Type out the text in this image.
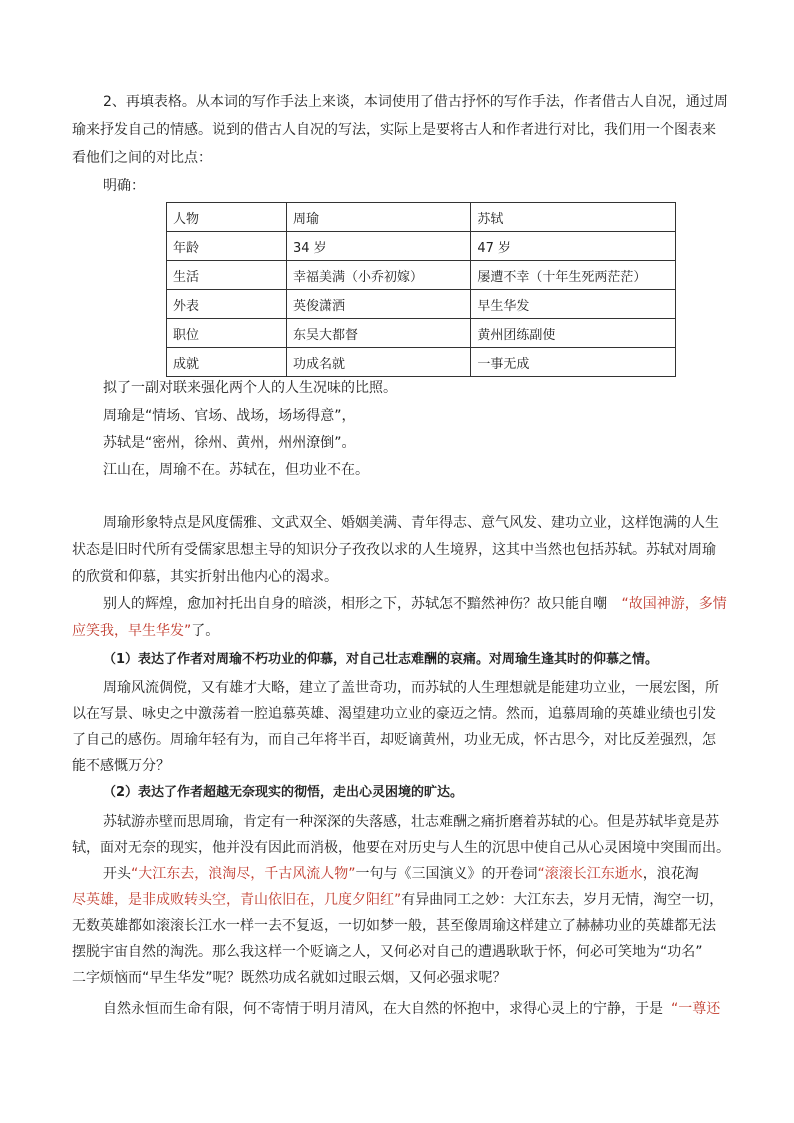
2、再填表格。从本词的写作手法上来谈，本词使用了借古抒怀的写作手法，作者借古人自况，通过周
瑜来抒发自己的情感。说到的借古人自况的写法，实际上是要将古人和作者进行对比，我们用一个图表来
看他们之间的对比点：
明确：
人物	周瑜	苏轼
年龄	34 岁	47 岁
生活	幸福美满（小乔初嫁）	屡遭不幸（十年生死两茫茫）
外表	英俊潇洒	早生华发
职位	东吴大都督	黄州团练副使
成就	功成名就	一事无成
拟了一副对联来强化两个人的人生况味的比照。
周瑜是“情场、官场、战场，场场得意”，
苏轼是“密州，徐州、黄州，州州潦倒”。
江山在，周瑜不在。苏轼在，但功业不在。
周瑜形象特点是风度儒雅、文武双全、婚姻美满、青年得志、意气风发、建功立业，这样饱满的人生
状态是旧时代所有受儒家思想主导的知识分子孜孜以求的人生境界，这其中当然也包括苏轼。苏轼对周瑜
的欣赏和仰慕，其实折射出他内心的渴求。
别人的辉煌，愈加衬托出自身的暗淡，相形之下，苏轼怎不黯然神伤？故只能自嘲 “故国神游，多情
应笑我，早生华发”了。
（1）表达了作者对周瑜不朽功业的仰慕，对自己壮志难酬的哀痛。对周瑜生逢其时的仰慕之情。
周瑜风流倜傥，又有雄才大略，建立了盖世奇功，而苏轼的人生理想就是能建功立业，一展宏图，所
以在写景、咏史之中激荡着一腔追慕英雄、渴望建功立业的豪迈之情。然而，追慕周瑜的英雄业绩也引发
了自己的感伤。周瑜年轻有为，而自己年将半百，却贬谪黄州，功业无成，怀古思今，对比反差强烈，怎
能不感慨万分？
（2）表达了作者超越无奈现实的彻悟，走出心灵困境的旷达。
苏轼游赤壁而思周瑜，肯定有一种深深的失落感，壮志难酬之痛折磨着苏轼的心。但是苏轼毕竟是苏
轼，面对无奈的现实，他并没有因此而消极，他要在对历史与人生的沉思中使自己从心灵困境中突围而出。
开头“大江东去，浪淘尽，千古风流人物”一句与《三国演义》的开卷词“滚滚长江东逝水，浪花淘
尽英雄，是非成败转头空，青山依旧在，几度夕阳红”有异曲同工之妙：大江东去，岁月无情，淘空一切，
无数英雄都如滚滚长江水一样一去不复返，一切如梦一般，甚至像周瑜这样建立了赫赫功业的英雄都无法
摆脱宇宙自然的淘洗。那么我这样一个贬谪之人，又何必对自己的遭遇耿耿于怀，何必可笑地为“功名”
二字烦恼而“早生华发”呢？既然功成名就如过眼云烟，又何必强求呢？
自然永恒而生命有限，何不寄情于明月清风，在大自然的怀抱中，求得心灵上的宁静，于是 “一尊还
